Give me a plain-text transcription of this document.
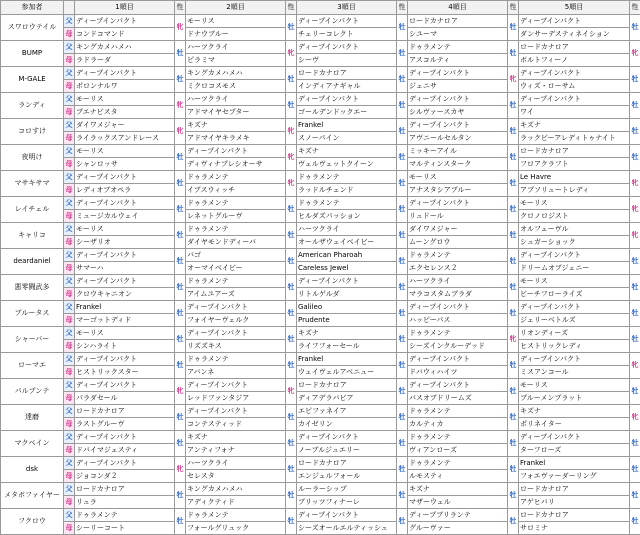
参加者		1順目	性	2順目	性	3順目	性	4順目	性	5順目	性
スワロウテイル	父	ディープインパクト	牝	モーリス	牡	ディープインパクト	牡	ロードカナロア	牡	ディープインパクト	牡
	母	コンドコマンド		ドナウブルー		チェリーコレクト		シユーマ		ダンサーデスティネイション	
BUMP	父	キングカメハメハ	牡	ハーツクライ	牝	ディープインパクト	牡	ドゥラメンテ	牡	ロードカナロア	牝
	母	ラドラーダ		ピラミマ		シーヴ		アスコルティ		ボルトフィーノ	
M-GALE	父	ディープインパクト	牡	キングカメハメハ	牡	ロードカナロア	牡	ディープインパクト	牝	ディープインパクト	牡
	母	ポロンナルワ		ミクロコスモス		インディアナギャル		ジェニサ		ウィズ・ローサム	
ランディ	父	モーリス	牝	ハーツクライ	牡	ディープインパクト	牡	ディープインパクト	牡	ディープインパクト	牡
	母	ブエナビスタ		アドマイヤセプター		ゴールデンドックエー		シルヴァースカヤ		ワイ	
コロすけ	父	ダイワメジャー	牝	キズナ	牝	Frankel	牡	ディープインパクト	牡	キズナ	牡
	母	ライラックスアンドレース		アドマイヤキラメキ		スノーパイン		アヴニールセルタン		ラックビーアレディトゥナイト	
夜明け	父	モーリス	牡	ディープインパクト	牝	キズナ	牡	ミッキーアイル	牡	ロードカナロア	牡
	母	シャンロッサ		ディヴィナプレシオーサ		ヴェルヴェットクイーン		マルティンスターク		フロアクラフト	
マサキサマ	父	ディープインパクト	牡	ドゥラメンテ	牝	ドゥラメンテ	牡	モーリス	牡	Le Havre	牝
	母	レディオブオペラ		イブスウィッチ		ラッドルチェンド		アナスタシアブルー		アブソリュートレディ	
レイチェル	父	ディープインパクト	牡	ドゥラメンテ	牡	ドゥラメンテ	牡	ディープインパクト	牡	モーリス	牝
	母	ミュージカルウェイ		レネットグルーヴ		ヒルダズパッション		リュドール		クロノロジスト	
キャリコ	父	モーリス	牡	ドゥラメンテ	牡	ハーツクライ	牡	ダイワメジャー	牡	オルフェーヴル	牝
	母	シーザリオ		ダイヤモンドディーバ		オールザウェイベイビー		ムーングロウ		シュガーショック	
deardaniel	父	ディープインパクト	牡	バゴ	牡	American Pharoah	牡	ドゥラメンテ	牡	ディープインパクト	牡
	母	サマーハ		オーマイベイビー		Careless Jewel		エクセレンス２		ドリームオブジェニー	
悪零闘武多	父	ディープインパクト	牡	ドゥラメンテ	牡	ディープインパクト	牡	ハーツクライ	牡	モーリス	牡
	母	クロウキャニオン		アイムユアーズ		リトルゲルダ		マラコスタムブラダ		ビーチフローライズ	
ブルータス	父	Frankel	牡	ディープインパクト	牡	Galileo	牡	ディープインパクト	牡	ディープインパクト	牡
	母	マーゴットディド		フォイヤーヴェルク		Prudente		ハッピーパス		ジェリーベトルズ	
シャーバー	父	モーリス	牡	ディープインパクト	牡	キズナ	牡	ドゥラメンテ	牝	リオンディーズ	牡
	母	シンハライト		リズズキス		ライフフォーセール		シーズインクルーデッド		ヒストリックレディ	
ローマエ	父	ディープインパクト	牡	ドゥラメンテ	牡	Frankel	牡	ディープインパクト	牡	ディープインパクト	牝
	母	ヒストリックスター		アバンネ		ウェイヴェルアベニュー		ドバウィハイツ		ミスアンコール	
パルプンテ	父	ディープインパクト	牝	ディープインパクト	牝	ロードカナロア	牡	ディープインパクト	牡	モーリス	牡
	母	パラダセール		レッドファンタジア		ディアデラバビア		バスオブドリームズ		ブルーメンブラット	
達磨	父	ロードカナロア	牡	ディープインパクト	牡	エピファネイア	牡	ドゥラメンテ	牡	キズナ	牝
	母	ラストグルーヴ		コンテスティッド		カイゼリン		カルティカ		ポリネイター	
マクベイン	父	ディープインパクト	牡	キズナ	牡	ディープインパクト	牡	ドゥラメンテ	牡	ディープインパクト	牡
	母	ドバイマジェスティ		アンティフォナ		ノーブルジュエリー		ヴィアンローズ		ターフローズ	
dsk	父	ディープインパクト	牝	ハーツクライ	牡	ロードカナロア	牡	ドゥラメンテ	牡	Frankel	牡
	母	ジョコンダ２		セレスタ		エンジェルフォール		ルモスティ		フォエヴァーダーリング	
メタボファイヤー	父	ロードカナロア	牡	キングカメハメハ	牡	ルーラーシップ	牡	キズナ	牡	ロードカナロア	牡
	母	リュラ		アディクティド		ブリッツフィナーレ		マザーウェル		アゲヒバリ	
フクロウ	父	ドゥラメンテ	牡	ドゥラメンテ	牡	ディープインパクト	牡	ディープブリランテ	牡	ロードカナロア	牡
	母	シーリーコート		フォールグリュック		シーズオールエルティッシュ		グルーヴァー		サロミナ	
